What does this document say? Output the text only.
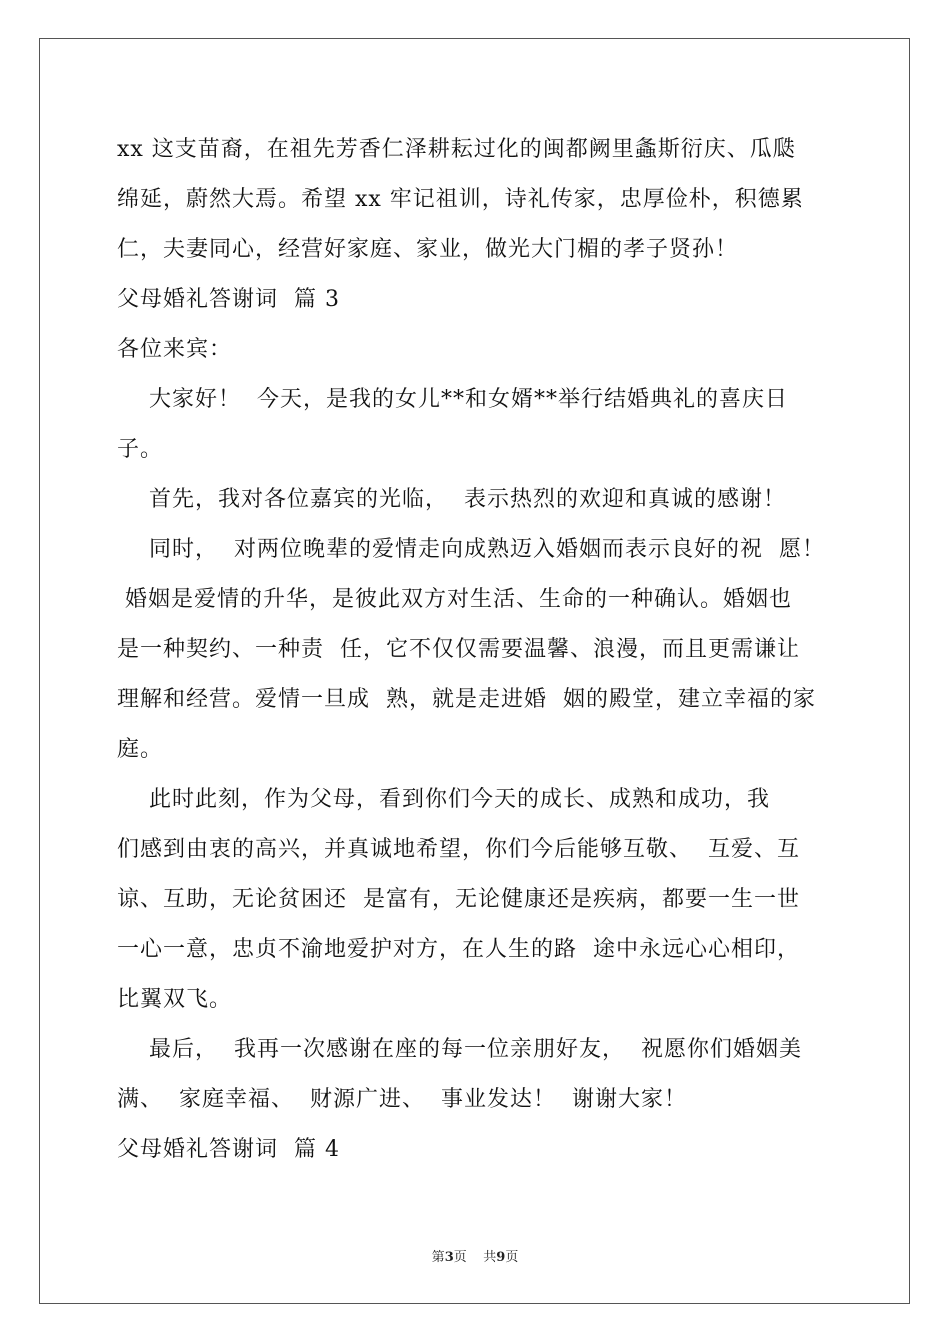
xx 这支苗裔，在祖先芳香仁泽耕耘过化的闽都阙里螽斯衍庆、瓜瓞
绵延，蔚然大焉。希望 xx 牢记祖训，诗礼传家，忠厚俭朴，积德累
仁，夫妻同心，经营好家庭、家业，做光大门楣的孝子贤孙！
父母婚礼答谢词  篇 3
各位来宾：
大家好！  今天，是我的女儿**和女婿**举行结婚典礼的喜庆日
子。
首先，我对各位嘉宾的光临，  表示热烈的欢迎和真诚的感谢！
同时，  对两位晚辈的爱情走向成熟迈入婚姻而表示良好的祝  愿！
婚姻是爱情的升华，是彼此双方对生活、生命的一种确认。婚姻也
是一种契约、一种责  任，它不仅仅需要温馨、浪漫，而且更需谦让
理解和经营。爱情一旦成  熟，就是走进婚  姻的殿堂，建立幸福的家
庭。
此时此刻，作为父母，看到你们今天的成长、成熟和成功，我
们感到由衷的高兴，并真诚地希望，你们今后能够互敬、  互爱、互
谅、互助，无论贫困还  是富有，无论健康还是疾病，都要一生一世
一心一意，忠贞不渝地爱护对方，在人生的路  途中永远心心相印，
比翼双飞。
最后，  我再一次感谢在座的每一位亲朋好友，  祝愿你们婚姻美
满、  家庭幸福、  财源广进、  事业发达！  谢谢大家！
父母婚礼答谢词  篇 4
第3页    共9页
